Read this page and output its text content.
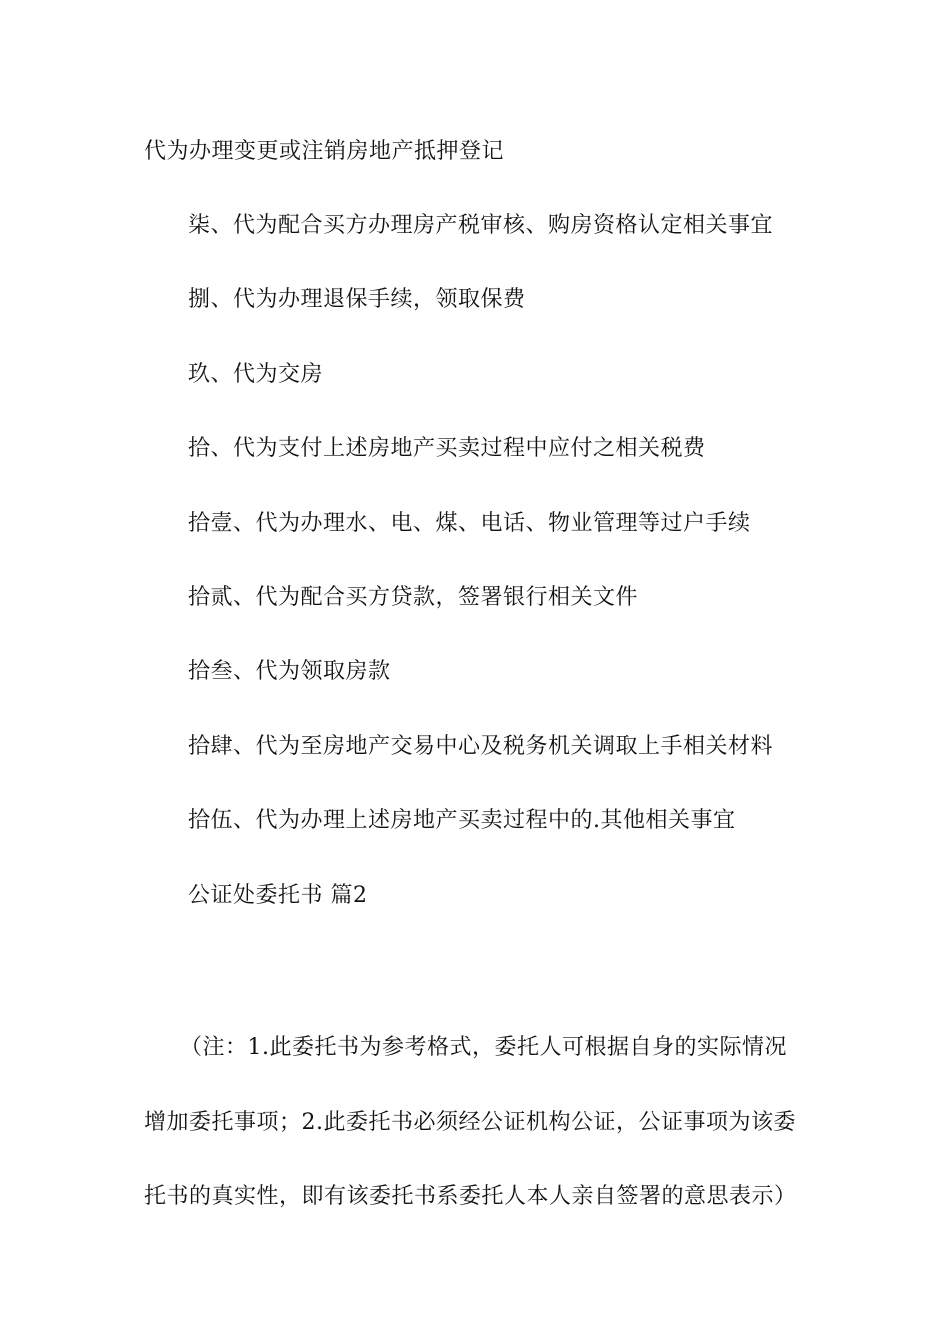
代为办理变更或注销房地产抵押登记
柒、代为配合买方办理房产税审核、购房资格认定相关事宜
捌、代为办理退保手续，领取保费
玖、代为交房
拾、代为支付上述房地产买卖过程中应付之相关税费
拾壹、代为办理水、电、煤、电话、物业管理等过户手续
拾贰、代为配合买方贷款，签署银行相关文件
拾叁、代为领取房款
拾肆、代为至房地产交易中心及税务机关调取上手相关材料
拾伍、代为办理上述房地产买卖过程中的.其他相关事宜
公证处委托书 篇2
（注：1.此委托书为参考格式，委托人可根据自身的实际情况
增加委托事项；2.此委托书必须经公证机构公证，公证事项为该委
托书的真实性，即有该委托书系委托人本人亲自签署的意思表示）
